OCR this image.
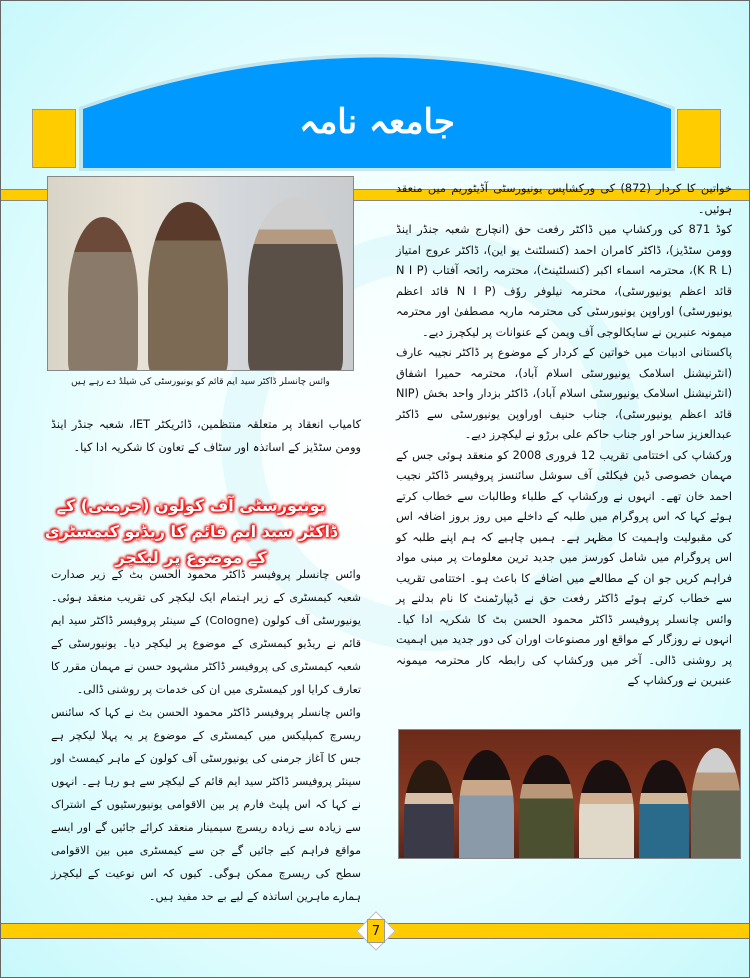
جامعہ نامہ
وائس چانسلر ڈاکٹر سید ایم قائم کو یونیورسٹی کی شیلڈ دے رہے ہیں

خواتین کا کردار (872) کی ورکشاپس یونیورسٹی آڈیٹوریم میں منعقد ہوئیں۔

کوڈ 871 کی ورکشاپ میں ڈاکٹر رفعت حق (انچارج شعبہ جنڈر اینڈ وومن سٹڈیز)، ڈاکٹر کامران احمد (کنسلٹنٹ یو این)، ڈاکٹر عروج امتیاز (K R L)، محترمہ اسماء اکبر (کنسلٹینٹ)، محترمہ رائحہ آفتاب (N I P قائد اعظم یونیورسٹی)، محترمہ نیلوفر روٗف (N I P قائد اعظم یونیورسٹی) اوراوپن یونیورسٹی کی محترمہ ماریہ مصطفیٰ اور محترمہ میمونہ عنبرین نے سایکالوجی آف ویمن کے عنوانات پر لیکچرز دیے۔

پاکستانی ادبیات میں خواتین کے کردار کے موضوع پر ڈاکٹر نجیبہ عارف (انٹرنیشنل اسلامک یونیورسٹی اسلام آباد)، محترمہ حمیرا اشفاق (انٹرنیشنل اسلامک یونیورسٹی اسلام آباد)، ڈاکٹر بزدار واحد بخش (NIP قائد اعظم یونیورسٹی)، جناب حنیف اوراوپن یونیورسٹی سے ڈاکٹر عبدالعزیز ساحر اور جناب حاکم علی برڑو نے لیکچرز دیے۔

ورکشاپ کی اختتامی تقریب 12 فروری 2008 کو منعقد ہوئی جس کے مہمان خصوصی ڈین فیکلٹی آف سوشل سائنسز پروفیسر ڈاکٹر نجیب احمد خان تھے۔ انہوں نے ورکشاپ کے طلباء وطالبات سے خطاب کرتے ہوئے کہا کہ اس پروگرام میں طلبہ کے داخلے میں روز بروز اضافہ اس کی مقبولیت واہمیت کا مظہر ہے۔ ہمیں چاہیے کہ ہم اپنے طلبہ کو اس پروگرام میں شامل کورسز میں جدید ترین معلومات پر مبنی مواد فراہم کریں جو ان کے مطالعے میں اضافے کا باعث ہو۔ اختتامی تقریب سے خطاب کرتے ہوئے ڈاکٹر رفعت حق نے ڈیپارٹمنٹ کا نام بدلنے پر وائس چانسلر پروفیسر ڈاکٹر محمود الحسن بٹ کا شکریہ ادا کیا۔ انہوں نے روزگار کے مواقع اور مصنوعات اوران کی دور جدید میں اہمیت پر روشنی ڈالی۔ آخر میں ورکشاپ کی رابطہ کار محترمہ میمونہ عنبرین نے ورکشاپ کے

کامیاب انعقاد پر متعلقہ منتظمین، ڈائریکٹر IET، شعبہ جنڈر اینڈ وومن سٹڈیز کے اساتذہ اور سٹاف کے تعاون کا شکریہ ادا کیا۔

یونیورسٹی آف کولون (جرمنی) کے ڈاکٹر سید ایم قائم کا ریڈیو کیمسٹری کے موضوع پر لیکچر

وائس چانسلر پروفیسر ڈاکٹر محمود الحسن بٹ کے زیر صدارت شعبہ کیمسٹری کے زیر اہتمام ایک لیکچر کی تقریب منعقد ہوئی۔ یونیورسٹی آف کولون (Cologne) کے سینئر پروفیسر ڈاکٹر سید ایم قائم نے ریڈیو کیمسٹری کے موضوع پر لیکچر دیا۔ یونیورسٹی کے شعبہ کیمسٹری کی پروفیسر ڈاکٹر مشہود حسن نے مہمان مقرر کا تعارف کرایا اور کیمسٹری میں ان کی خدمات پر روشنی ڈالی۔

وائس چانسلر پروفیسر ڈاکٹر محمود الحسن بٹ نے کہا کہ سائنس ریسرچ کمپلیکس میں کیمسٹری کے موضوع پر یہ پہلا لیکچر ہے جس کا آغاز جرمنی کی یونیورسٹی آف کولون کے ماہر کیمسٹ اور سینئر پروفیسر ڈاکٹر سید ایم قائم کے لیکچر سے ہو رہا ہے۔ انہوں نے کہا کہ اس پلیٹ فارم پر بین الاقوامی یونیورسٹیوں کے اشتراک سے زیادہ سے زیادہ ریسرچ سیمینار منعقد کرائے جائیں گے اور ایسے مواقع فراہم کیے جائیں گے جن سے کیمسٹری میں بین الاقوامی سطح کی ریسرچ ممکن ہوگی۔ کیوں کہ اس نوعیت کے لیکچرز ہمارے ماہرین اساتذہ کے لیے بے حد مفید ہیں۔

7
